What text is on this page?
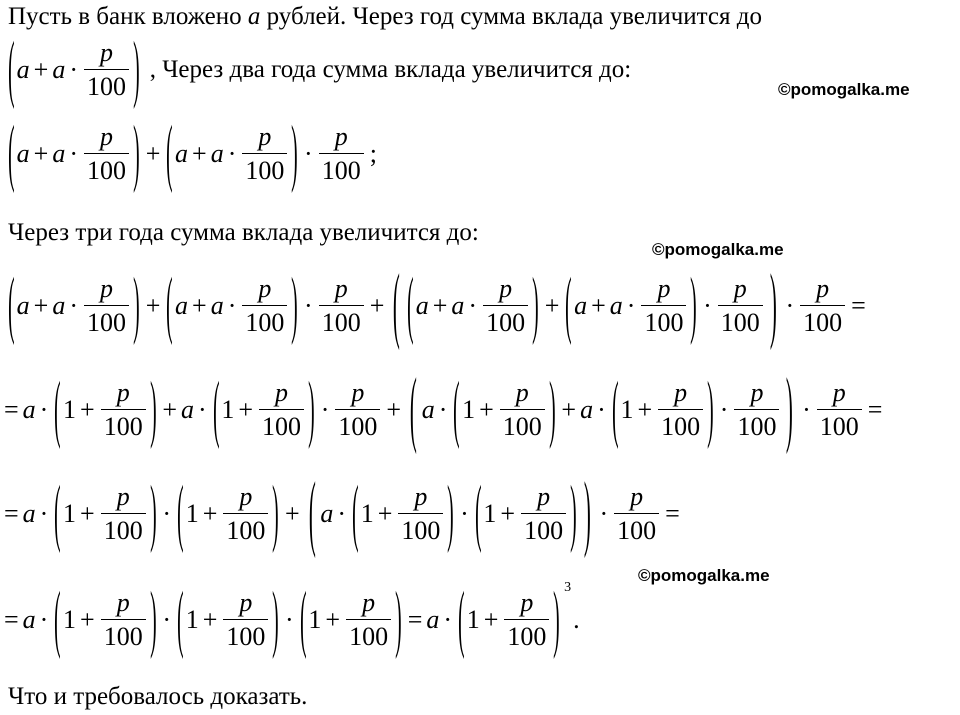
Пусть в банк вложено a рублей. Через год сумма вклада увеличится до
( $a + a \cdot \frac{p}{100}$ ) , Через два года сумма вклада увеличится до:
©pomogalka.me
( $a + a \cdot \frac{p}{100}$ ) + ( $a + a \cdot \frac{p}{100}$ ) · $\frac{p}{100}$ ;
Через три года сумма вклада увеличится до:
©pomogalka.me
( $a + a \cdot \frac{p}{100}$ ) + ( $a + a \cdot \frac{p}{100}$ ) · $\frac{p}{100}$ + ( ( $a + a \cdot \frac{p}{100}$ ) + ( $a + a \cdot \frac{p}{100}$ ) · $\frac{p}{100}$ ) · $\frac{p}{100}$ =
= a · ( $1 + \frac{p}{100}$ ) + a · ( $1 + \frac{p}{100}$ ) · $\frac{p}{100}$ + ( a · ( $1 + \frac{p}{100}$ ) + a · ( $1 + \frac{p}{100}$ ) · $\frac{p}{100}$ ) · $\frac{p}{100}$ =
= a · ( $1 + \frac{p}{100}$ ) · ( $1 + \frac{p}{100}$ ) + ( a · ( $1 + \frac{p}{100}$ ) · ( $1 + \frac{p}{100}$ ) ) · $\frac{p}{100}$ =
©pomogalka.me
= a · ( $1 + \frac{p}{100}$ ) · ( $1 + \frac{p}{100}$ ) · ( $1 + \frac{p}{100}$ ) = a · ( $1 + \frac{p}{100}$ ) $^3$
.
Что и требовалось доказать.
